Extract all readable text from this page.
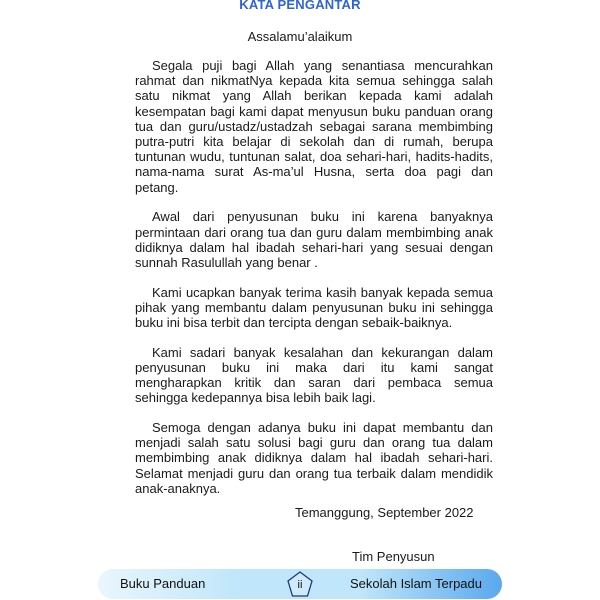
KATA PENGANTAR
Assalamu’alaikum

Segala puji bagi Allah yang senantiasa mencurahkan rahmat dan nikmatNya kepada kita semua sehingga salah satu nikmat yang Allah berikan kepada kami adalah kesempatan bagi kami dapat menyusun buku panduan orang tua dan guru/ustadz/ustadzah sebagai sarana membimbing putra-putri kita belajar di sekolah dan di rumah, berupa tuntunan wudu, tuntunan salat, doa sehari-hari, hadits-hadits, nama-nama surat As-ma’ul Husna, serta doa pagi dan petang.

Awal dari penyusunan buku ini karena banyaknya permintaan dari orang tua dan guru dalam membimbing anak didiknya dalam hal ibadah sehari-hari yang sesuai dengan sunnah Rasulullah yang benar .

Kami ucapkan banyak terima kasih banyak kepada semua pihak yang membantu dalam penyusunan buku ini sehingga buku ini bisa terbit dan tercipta dengan sebaik-baiknya.

Kami sadari banyak kesalahan dan kekurangan dalam penyusunan buku ini maka dari itu kami sangat mengharapkan kritik dan saran dari pembaca semua sehingga kedepannya bisa lebih baik lagi.

Semoga dengan adanya buku ini dapat membantu dan menjadi salah satu solusi bagi guru dan orang tua dalam membimbing anak didiknya dalam hal ibadah sehari-hari. Selamat menjadi guru dan orang tua terbaik dalam mendidik anak-anaknya.

Temanggung, September 2022
Tim Penyusun
Buku Panduan	ii	Sekolah Islam Terpadu
